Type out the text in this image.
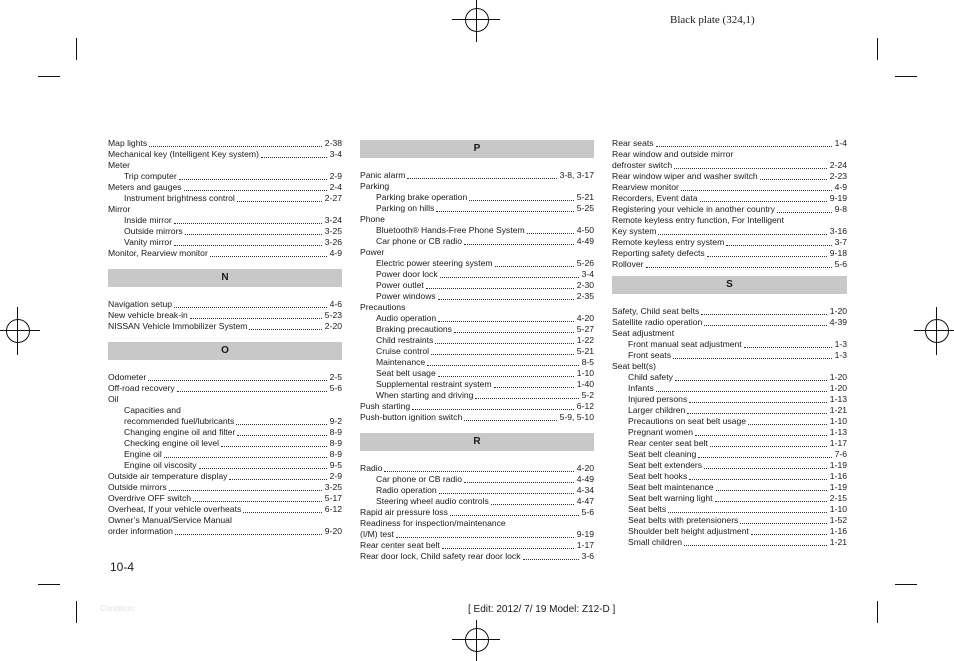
Black plate (324,1)
Map lights	2-38
Mechanical key (Intelligent Key system)	3-4
Meter
Trip computer	2-9
Meters and gauges	2-4
Instrument brightness control	2-27
Mirror
Inside mirror	3-24
Outside mirrors	3-25
Vanity mirror	3-26
Monitor, Rearview monitor	4-9
N
Navigation setup	4-6
New vehicle break-in	5-23
NISSAN Vehicle Immobilizer System	2-20
O
Odometer	2-5
Off-road recovery	5-6
Oil
Capacities and
recommended fuel/lubricants	9-2
Changing engine oil and filter	8-9
Checking engine oil level	8-9
Engine oil	8-9
Engine oil viscosity	9-5
Outside air temperature display	2-9
Outside mirrors	3-25
Overdrive OFF switch	5-17
Overheat, If your vehicle overheats	6-12
Owner’s Manual/Service Manual
order information	9-20
P
Panic alarm	3-8, 3-17
Parking
Parking brake operation	5-21
Parking on hills	5-25
Phone
Bluetooth® Hands-Free Phone System	4-50
Car phone or CB radio	4-49
Power
Electric power steering system	5-26
Power door lock	3-4
Power outlet	2-30
Power windows	2-35
Precautions
Audio operation	4-20
Braking precautions	5-27
Child restraints	1-22
Cruise control	5-21
Maintenance	8-5
Seat belt usage	1-10
Supplemental restraint system	1-40
When starting and driving	5-2
Push starting	6-12
Push-button ignition switch	5-9, 5-10
R
Radio	4-20
Car phone or CB radio	4-49
Radio operation	4-34
Steering wheel audio controls	4-47
Rapid air pressure loss	5-6
Readiness for inspection/maintenance
(I/M) test	9-19
Rear center seat belt	1-17
Rear door lock, Child safety rear door lock	3-6
Rear seats	1-4
Rear window and outside mirror
defroster switch	2-24
Rear window wiper and washer switch	2-23
Rearview monitor	4-9
Recorders, Event data	9-19
Registering your vehicle in another country	9-8
Remote keyless entry function, For Intelligent
Key system	3-16
Remote keyless entry system	3-7
Reporting safety defects	9-18
Rollover	5-6
S
Safety, Child seat belts	1-20
Satellite radio operation	4-39
Seat adjustment
Front manual seat adjustment	1-3
Front seats	1-3
Seat belt(s)
Child safety	1-20
Infants	1-20
Injured persons	1-13
Larger children	1-21
Precautions on seat belt usage	1-10
Pregnant women	1-13
Rear center seat belt	1-17
Seat belt cleaning	7-6
Seat belt extenders	1-19
Seat belt hooks	1-16
Seat belt maintenance	1-19
Seat belt warning light	2-15
Seat belts	1-10
Seat belts with pretensioners	1-52
Shoulder belt height adjustment	1-16
Small children	1-21
10-4
Condition:	[ Edit: 2012/ 7/ 19 Model: Z12-D ]
